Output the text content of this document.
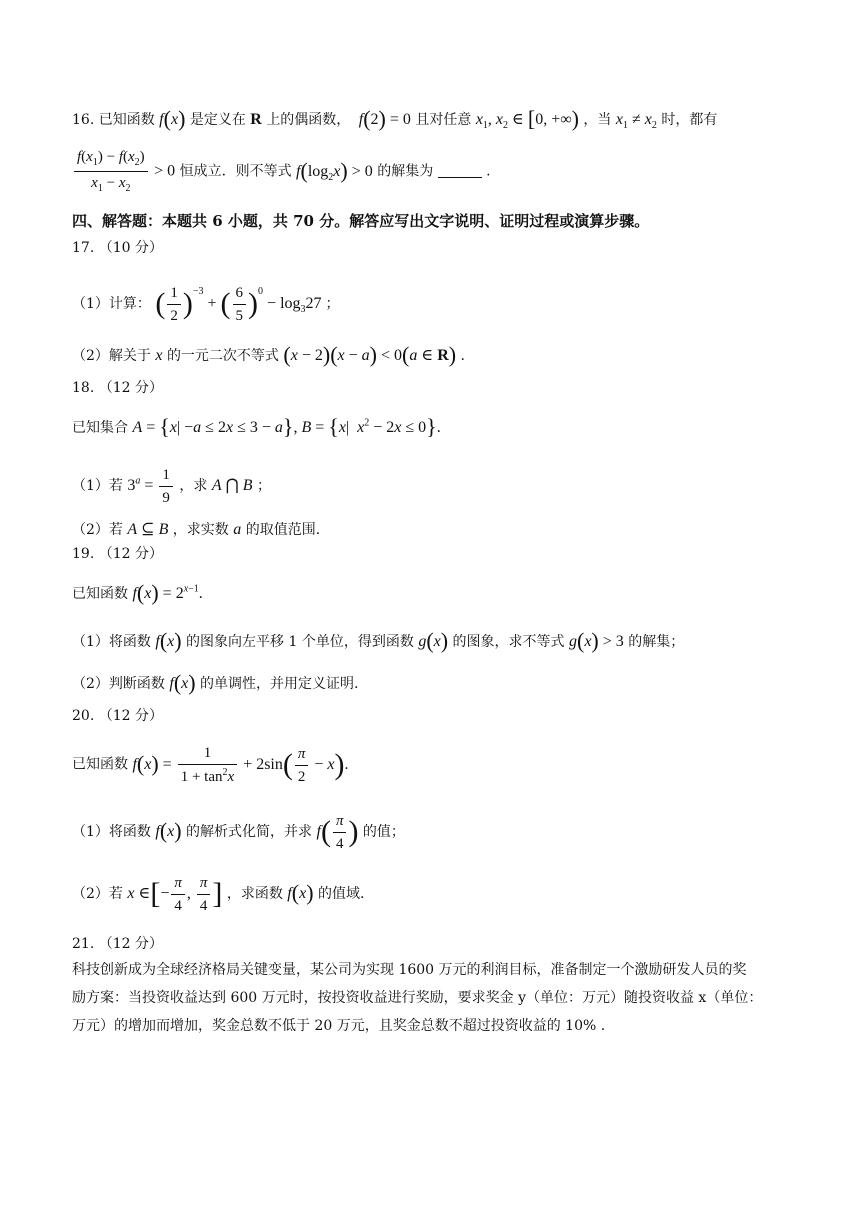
16. 已知函数 f(x) 是定义在 R 上的偶函数， f(2) = 0 且对任意 $x_1$, $x_2$ ∈ [0, +∞) ，当 $x_1 \ne x_2$ 时，都有
$\frac{f(x_1) - f(x_2)}{x_1 - x_2} > 0$ 恒成立．则不等式 $f(\log_2x) > 0$ 的解集为	.
四、解答题：本题共 6 小题，共 70 分。解答应写出文字说明、证明过程或演算步骤。
17. （10 分）
（1）计算： ( $\frac{1}{2} )^{-3}$ + ( $\frac{6}{5} )^0 - \log_327$ ；
（2）解关于 x 的一元二次不等式 (x − 2)(x − a) < 0(a ∈ R) .
18. （12 分）
已知集合 A = {x| −a ≤ 2x ≤ 3 − a}, B = {x|  $x^2 - 2x \le 0$}.
（1）若 $3^a = \frac{1}{9}$ ，求 A ⋂ B ；
（2）若 A ⊆ B ，求实数 a 的取值范围.
19. （12 分）
已知函数 $f(x) = 2^{x-1}$.
（1）将函数 f(x) 的图象向左平移 1 个单位，得到函数 g(x) 的图象，求不等式 g(x) > 3 的解集；
（2）判断函数 f(x) 的单调性，并用定义证明.
20. （12 分）
已知函数 $f(x) = \frac{1}{1 + \tan^2x} + 2\sin( \frac{\pi}{2} - x)$.
（1）将函数 f(x) 的解析式化简，并求 $f( \frac{\pi}{4}$ ) 的值；
（2）若 x ∈[− $\frac{\pi}{4}$ , $\frac{\pi}{4}$ ] ，求函数 f(x) 的值域.
21. （12 分）
科技创新成为全球经济格局关键变量，某公司为实现 1600 万元的利润目标，准备制定一个激励研发人员的奖
励方案：当投资收益达到 600 万元时，按投资收益进行奖励，要求奖金 y（单位：万元）随投资收益 x（单位：
万元）的增加而增加，奖金总数不低于 20 万元，且奖金总数不超过投资收益的 10% .
